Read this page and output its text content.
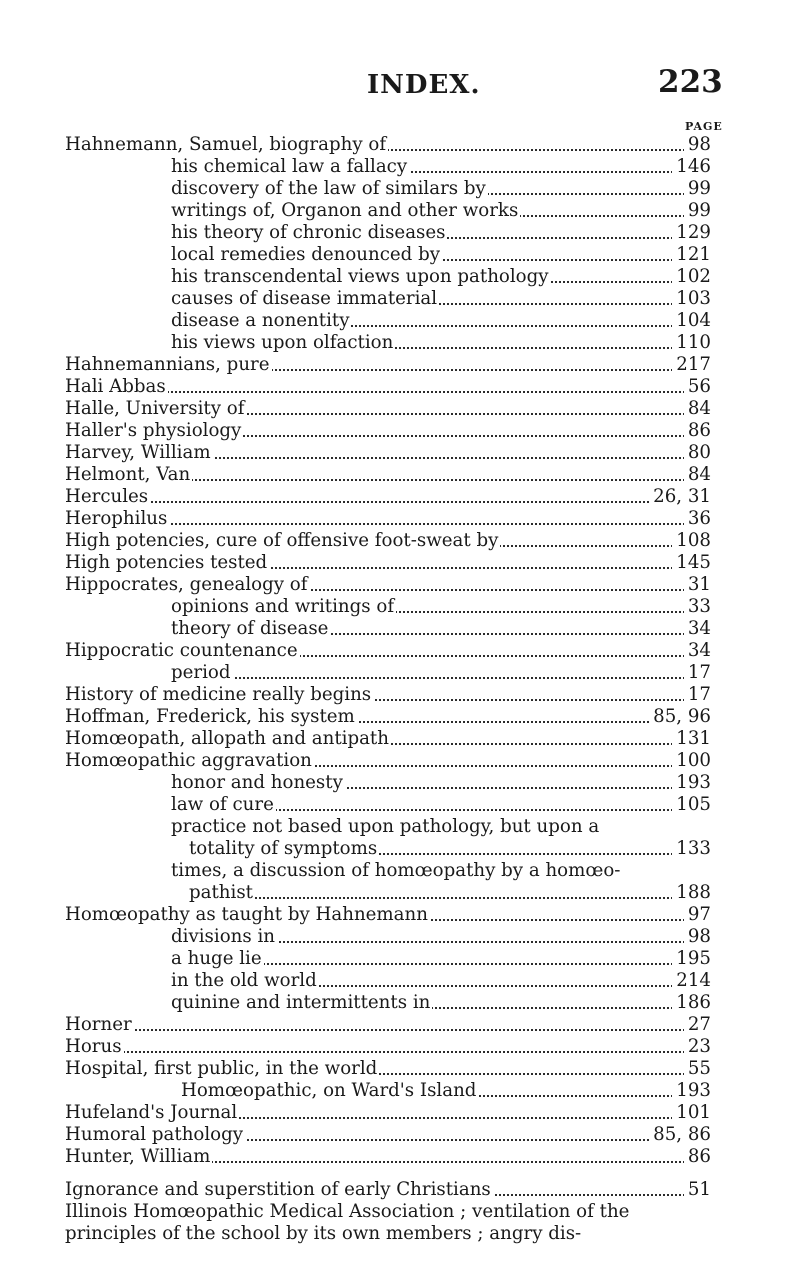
INDEX.	223
PAGE
Hahnemann, Samuel, biography of	98
his chemical law a fallacy	146
discovery of the law of similars by	99
writings of, Organon and other works	99
his theory of chronic diseases	129
local remedies denounced by	121
his transcendental views upon pathology	102
causes of disease immaterial	103
disease a nonentity	104
his views upon olfaction	110
Hahnemannians, pure	217
Hali Abbas	56
Halle, University of	84
Haller's physiology	86
Harvey, William	80
Helmont, Van	84
Hercules	26, 31
Herophilus	36
High potencies, cure of offensive foot-sweat by	108
High potencies tested	145
Hippocrates, genealogy of	31
opinions and writings of	33
theory of disease	34
Hippocratic countenance	34
period	17
History of medicine really begins	17
Hoffman, Frederick, his system	85, 96
Homœopath, allopath and antipath	131
Homœopathic aggravation	100
honor and honesty	193
law of cure	105
practice not based upon pathology, but upon a
totality of symptoms	133
times, a discussion of homœopathy by a homœo-
pathist	188
Homœopathy as taught by Hahnemann	97
divisions in	98
a huge lie	195
in the old world	214
quinine and intermittents in	186
Horner	27
Horus	23
Hospital, first public, in the world	55
Homœopathic, on Ward's Island	193
Hufeland's Journal	101
Humoral pathology	85, 86
Hunter, William	86
Ignorance and superstition of early Christians	51
Illinois Homœopathic Medical Association ; ventilation of the
principles of the school by its own members ; angry dis-
